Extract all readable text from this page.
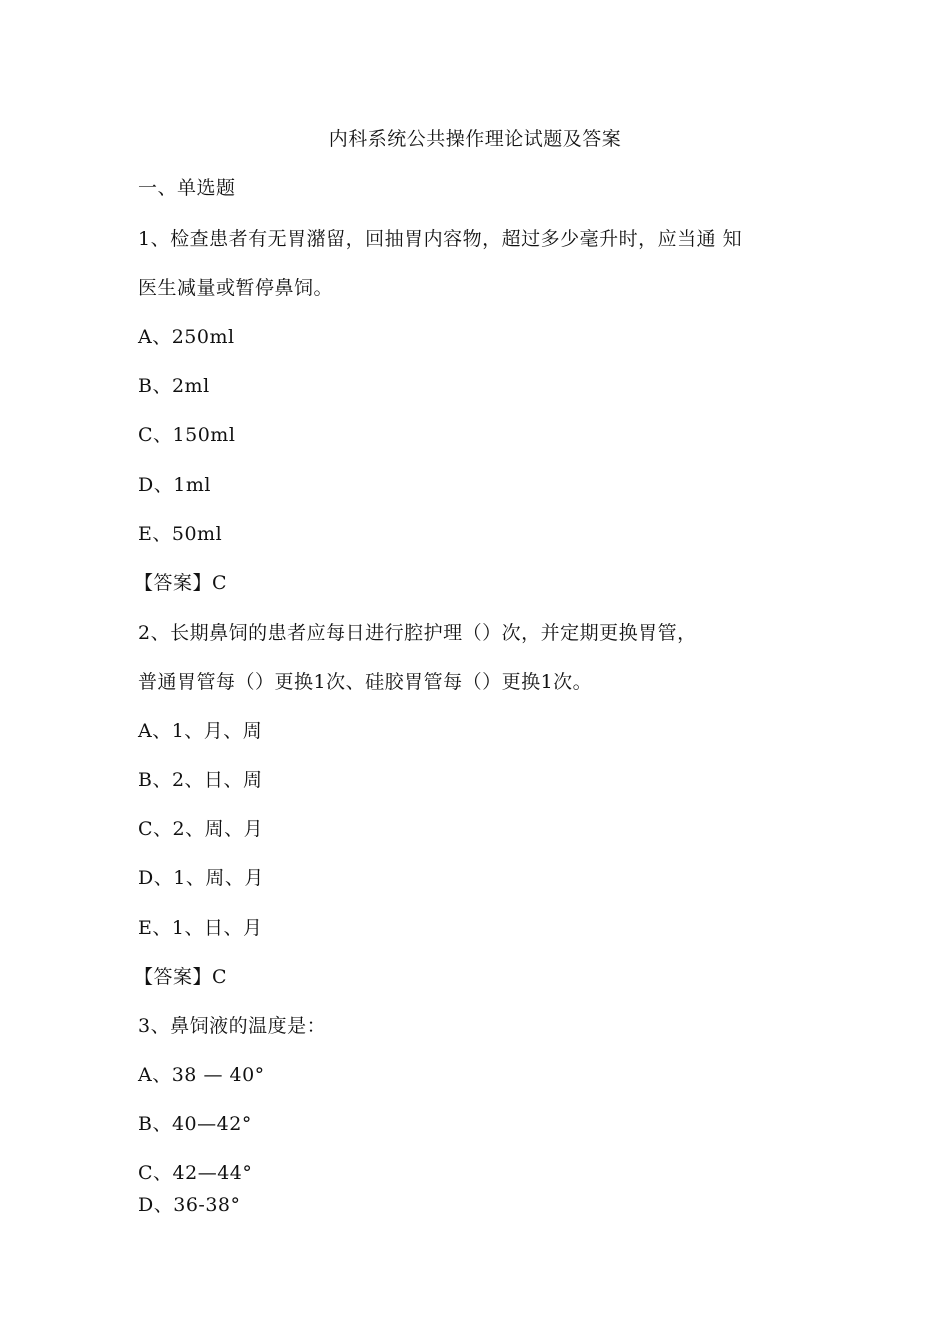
内科系统公共操作理论试题及答案
一、单选题
1、检查患者有无胃潴留，回抽胃内容物，超过多少毫升时，应当通 知
医生减量或暂停鼻饲。
A、250ml
B、2ml
C、150ml
D、1ml
E、50ml
【答案】C
2、长期鼻饲的患者应每日进行腔护理（）次，并定期更换胃管，
普通胃管每（）更换1次、硅胶胃管每（）更换1次。
A、1、月、周
B、2、日、周
C、2、周、月
D、1、周、月
E、1、日、月
【答案】C
3、鼻饲液的温度是：
A、38 — 40°
B、40—42°
C、42—44°
D、36-38°
